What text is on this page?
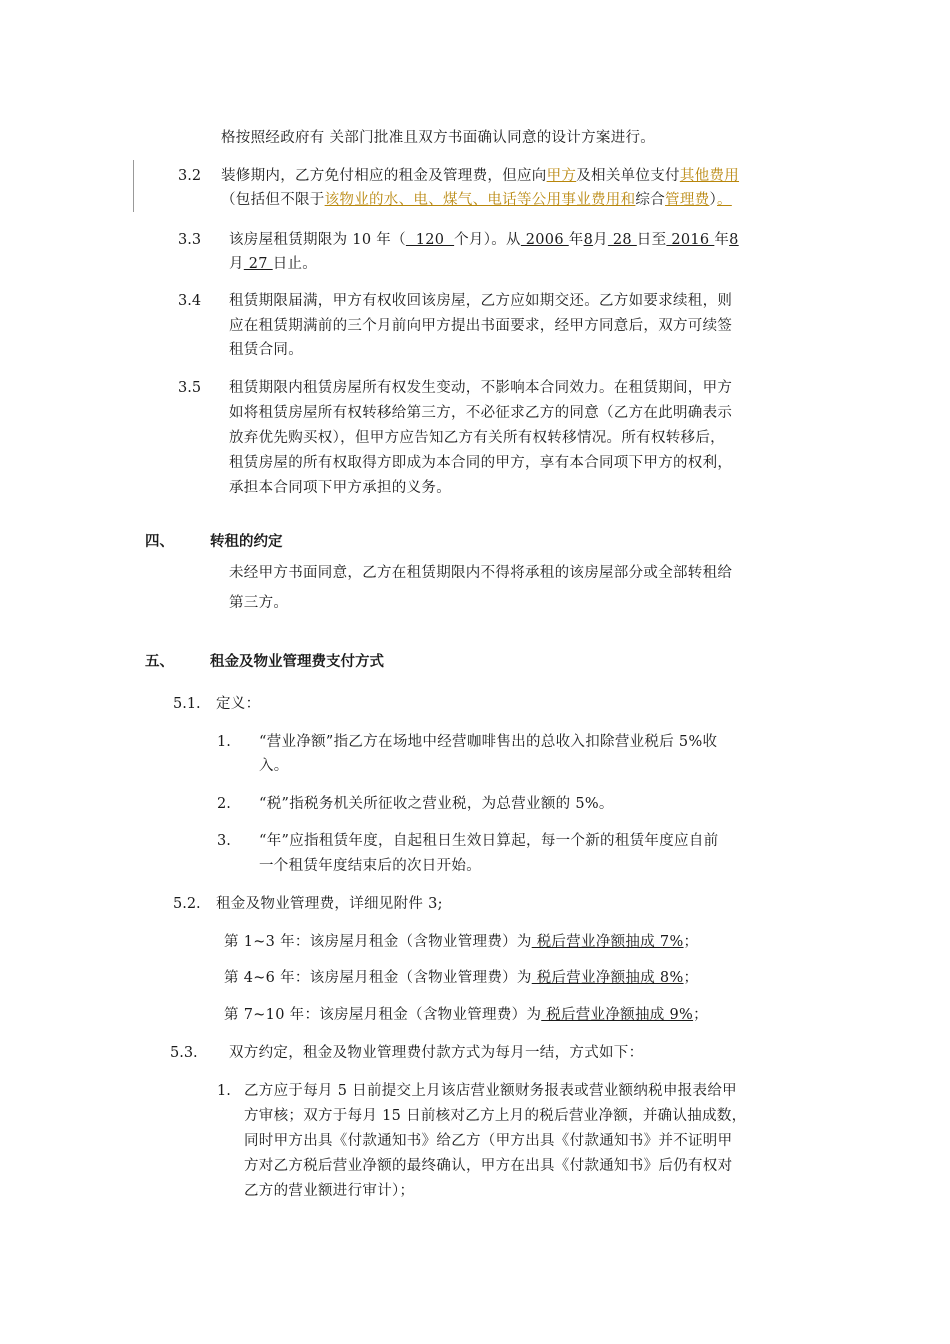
格按照经政府有 关部门批准且双方书面确认同意的设计方案进行。
3.2 装修期内，乙方免付相应的租金及管理费，但应向甲方及相关单位支付其他费用
（包括但不限于该物业的水、电、煤气、电话等公用事业费用和综合管理费）。
3.3 该房屋租赁期限为 10 年（  120  个月）。从 2006 年8月 28 日至 2016 年8
月 27 日止。
3.4 租赁期限届满，甲方有权收回该房屋，乙方应如期交还。乙方如要求续租，则
应在租赁期满前的三个月前向甲方提出书面要求，经甲方同意后，双方可续签
租赁合同。
3.5 租赁期限内租赁房屋所有权发生变动，不影响本合同效力。在租赁期间，甲方
如将租赁房屋所有权转移给第三方，不必征求乙方的同意（乙方在此明确表示
放弃优先购买权），但甲方应告知乙方有关所有权转移情况。所有权转移后，
租赁房屋的所有权取得方即成为本合同的甲方，享有本合同项下甲方的权利，
承担本合同项下甲方承担的义务。
四、 转租的约定
未经甲方书面同意，乙方在租赁期限内不得将承租的该房屋部分或全部转租给
第三方。
五、 租金及物业管理费支付方式
5.1. 定义：
1. “营业净额”指乙方在场地中经营咖啡售出的总收入扣除营业税后 5%收
入。
2. “税”指税务机关所征收之营业税，为总营业额的 5%。
3. “年”应指租赁年度，自起租日生效日算起，每一个新的租赁年度应自前
一个租赁年度结束后的次日开始。
5.2. 租金及物业管理费，详细见附件 3;
第 1~3 年：该房屋月租金（含物业管理费）为 税后营业净额抽成 7%；
第 4~6 年：该房屋月租金（含物业管理费）为 税后营业净额抽成 8%；
第 7~10 年：该房屋月租金（含物业管理费）为 税后营业净额抽成 9%；
5.3. 双方约定，租金及物业管理费付款方式为每月一结，方式如下：
1. 乙方应于每月 5 日前提交上月该店营业额财务报表或营业额纳税申报表给甲
方审核；双方于每月 15 日前核对乙方上月的税后营业净额，并确认抽成数，
同时甲方出具《付款通知书》给乙方（甲方出具《付款通知书》并不证明甲
方对乙方税后营业净额的最终确认，甲方在出具《付款通知书》后仍有权对
乙方的营业额进行审计）；
